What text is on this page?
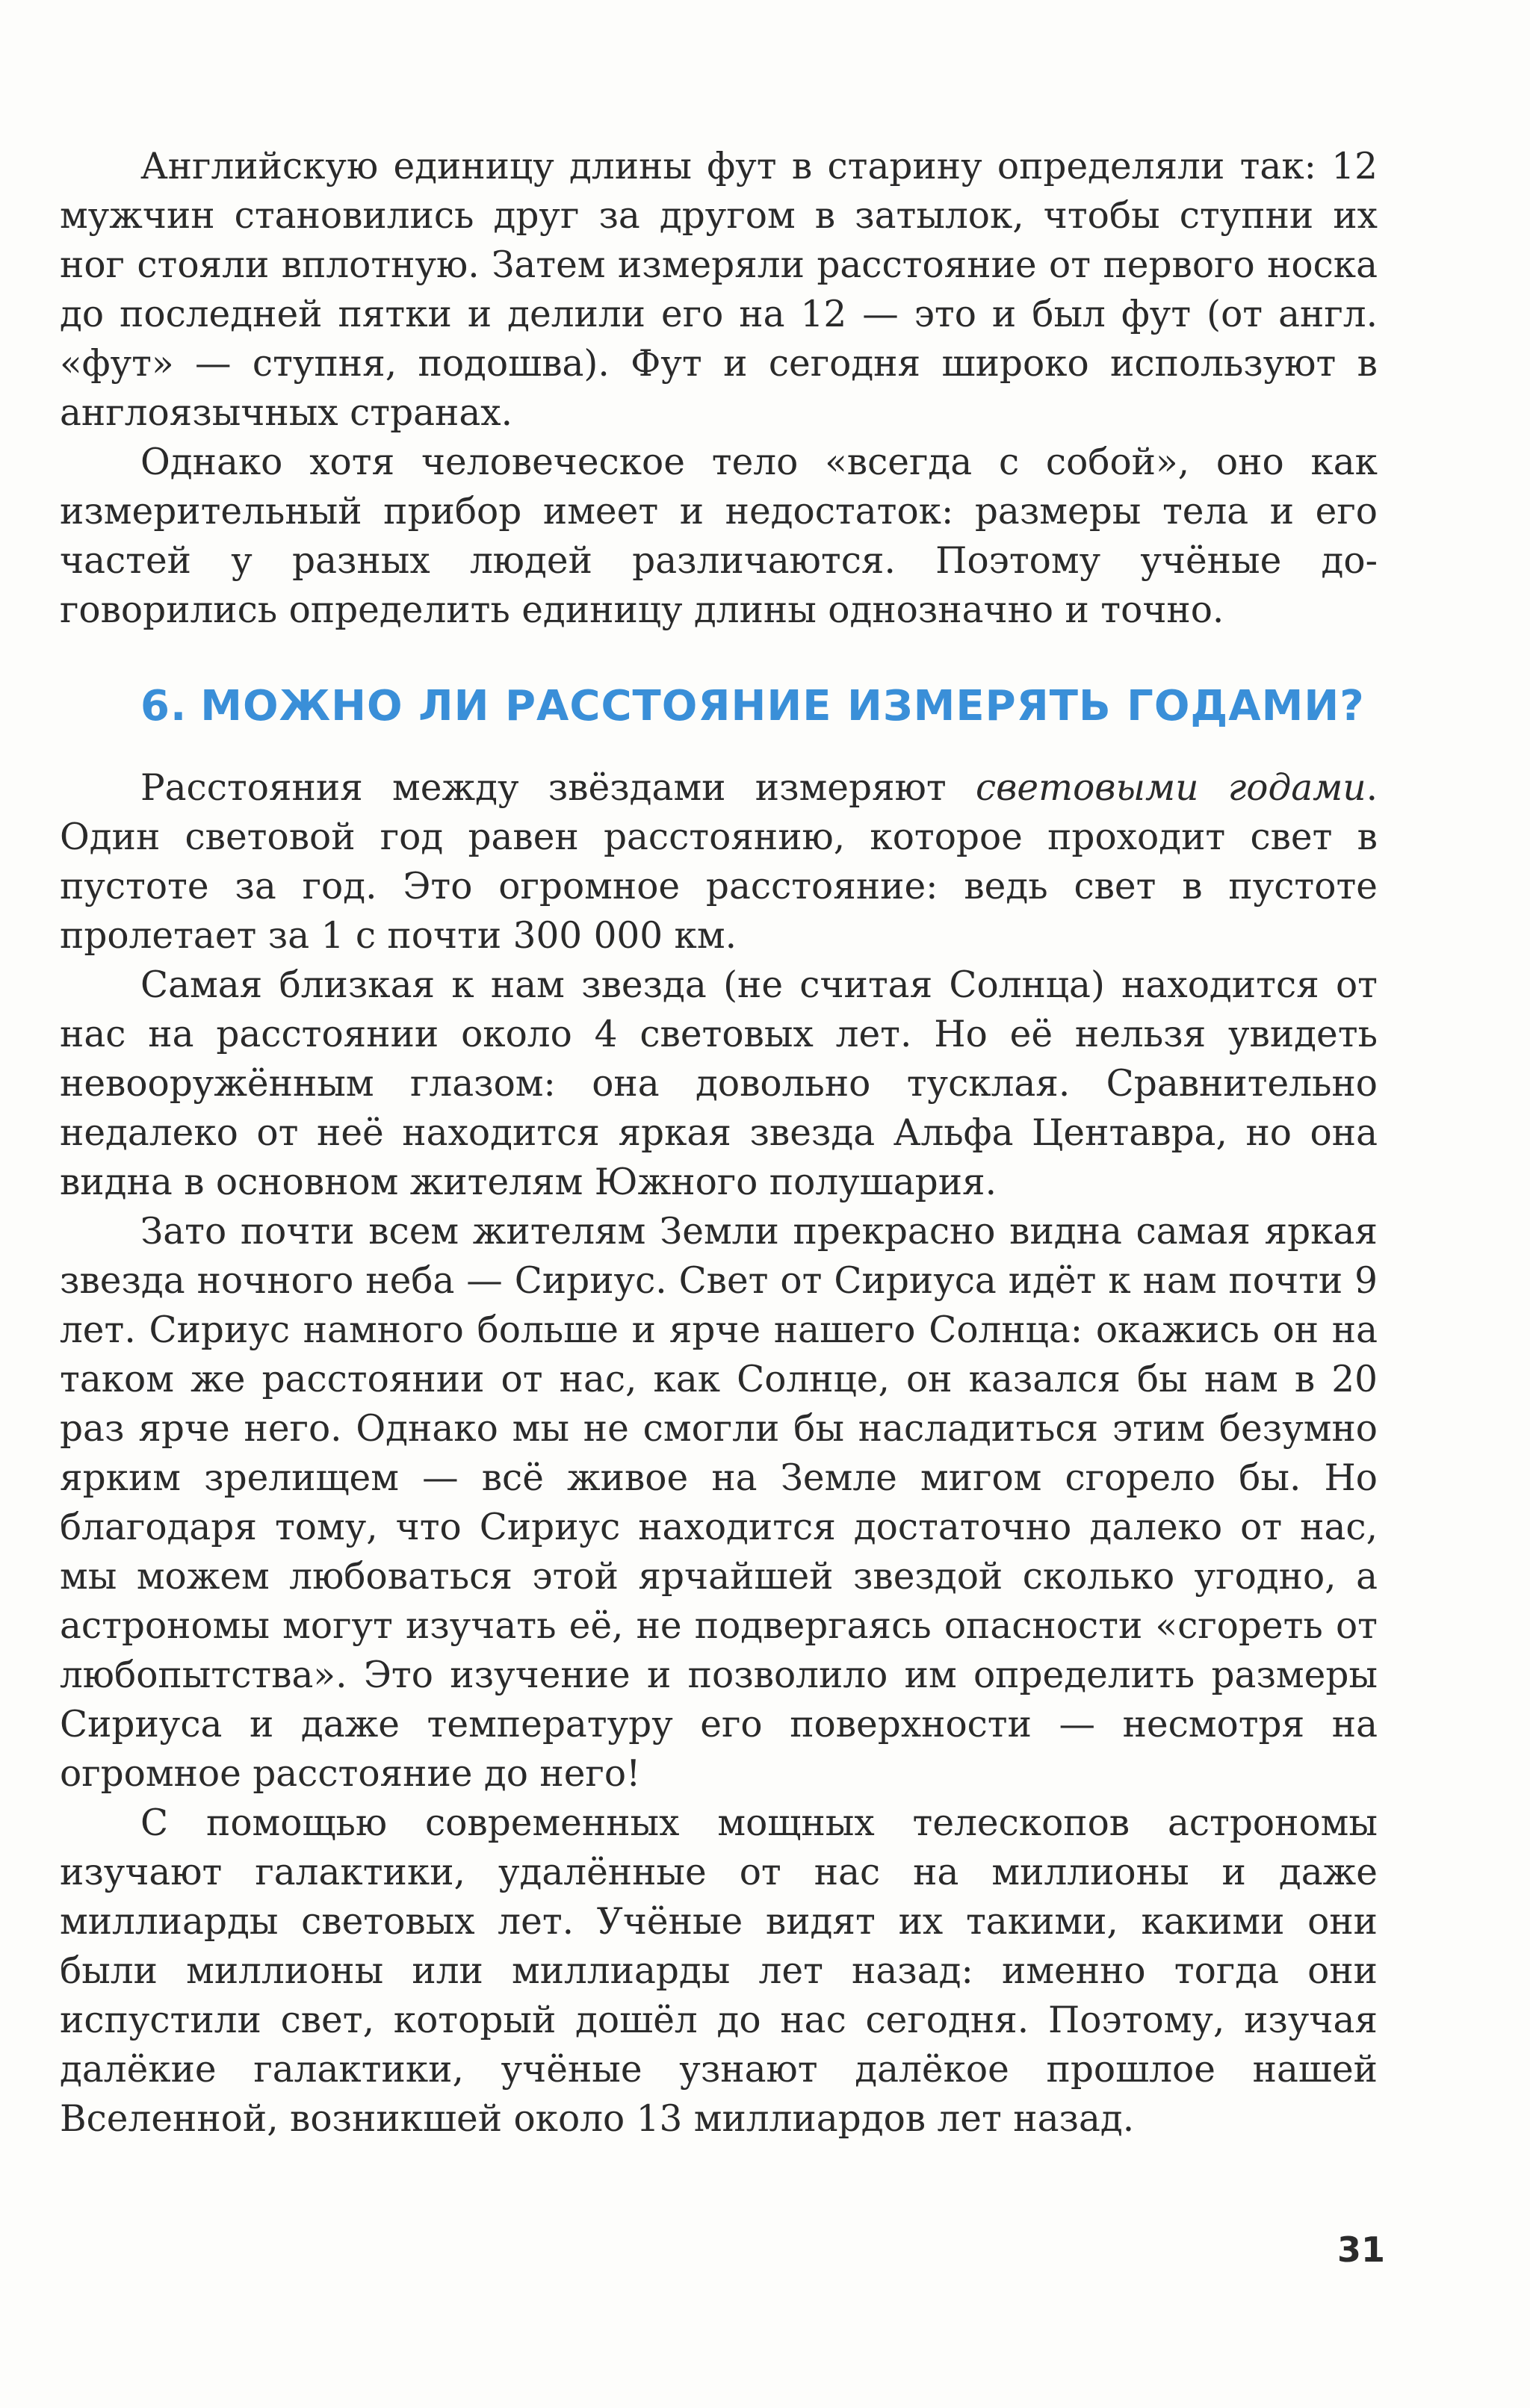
Английскую единицу длины фут в старину определяли так: 12 мужчин становились друг за другом в затылок, чтобы ступни их ног стояли вплотную. Затем измеряли расстояние от первого носка до последней пятки и делили его на 12 — это и был фут (от англ. «фут» — ступня, подошва). Фут и сегодня широко используют в англоязычных странах.

Однако хотя человеческое тело «всегда с собой», оно как измерительный прибор имеет и недостаток: размеры тела и его частей у разных людей различаются. Поэтому учёные договорились определить единицу длины однозначно и точно.

6. МОЖНО ЛИ РАССТОЯНИЕ ИЗМЕРЯТЬ ГОДАМИ?

Расстояния между звёздами измеряют световыми годами. Один световой год равен расстоянию, которое проходит свет в пустоте за год. Это огромное расстояние: ведь свет в пустоте пролетает за 1 с почти 300 000 км.

Самая близкая к нам звезда (не считая Солнца) находится от нас на расстоянии около 4 световых лет. Но её нельзя увидеть невооружённым глазом: она довольно тусклая. Сравнительно недалеко от неё находится яркая звезда Альфа Центавра, но она видна в основном жителям Южного полушария.

Зато почти всем жителям Земли прекрасно видна самая яркая звезда ночного неба — Сириус. Свет от Сириуса идёт к нам почти 9 лет. Сириус намного больше и ярче нашего Солнца: окажись он на таком же расстоянии от нас, как Солнце, он казался бы нам в 20 раз ярче него. Однако мы не смогли бы насладиться этим безумно ярким зрелищем — всё живое на Земле мигом сгорело бы. Но благодаря тому, что Сириус находится достаточно далеко от нас, мы можем любоваться этой ярчайшей звездой сколько угодно, а астрономы могут изучать её, не подвергаясь опасности «сгореть от любопытства». Это изучение и позволило им определить размеры Сириуса и даже температуру его поверхности — несмотря на огромное расстояние до него!

С помощью современных мощных телескопов астрономы изучают галактики, удалённые от нас на миллионы и даже миллиарды световых лет. Учёные видят их такими, какими они были миллионы или миллиарды лет назад: именно тогда они испустили свет, который дошёл до нас сегодня. Поэтому, изучая далёкие галактики, учёные узнают далёкое прошлое нашей Вселенной, возникшей около 13 миллиардов лет назад.

31
